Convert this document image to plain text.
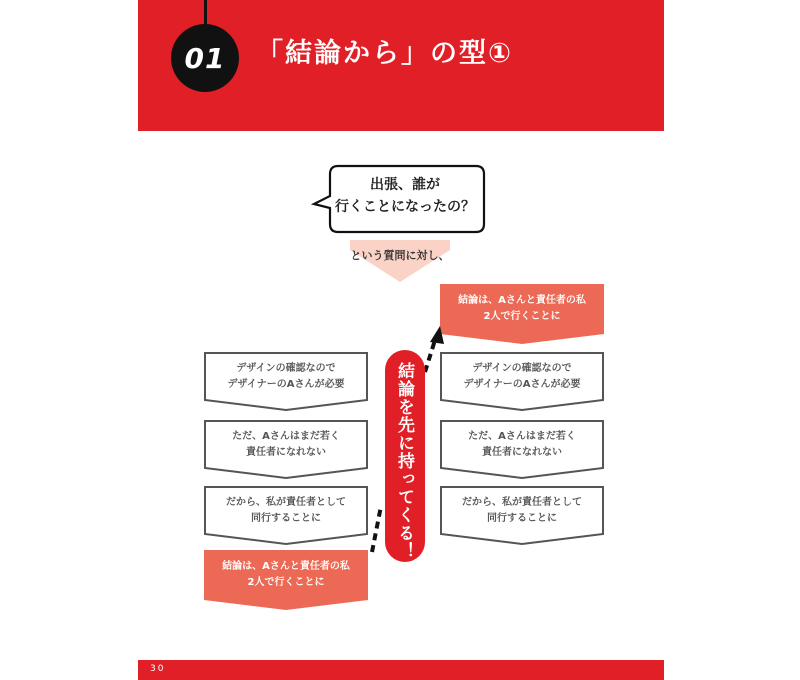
01 「結論から」の型①
出張、誰が
行くことになったの？
という質問に対し、
デザインの確認なので
デザイナーのAさんが必要
ただ、Aさんはまだ若く
責任者になれない
だから、私が責任者として
同行することに
結論は、Aさんと責任者の私
2人で行くことに
結論は、Aさんと責任者の私
2人で行くことに
デザインの確認なので
デザイナーのAさんが必要
ただ、Aさんはまだ若く
責任者になれない
だから、私が責任者として
同行することに
結論を先に持ってくる！
30
